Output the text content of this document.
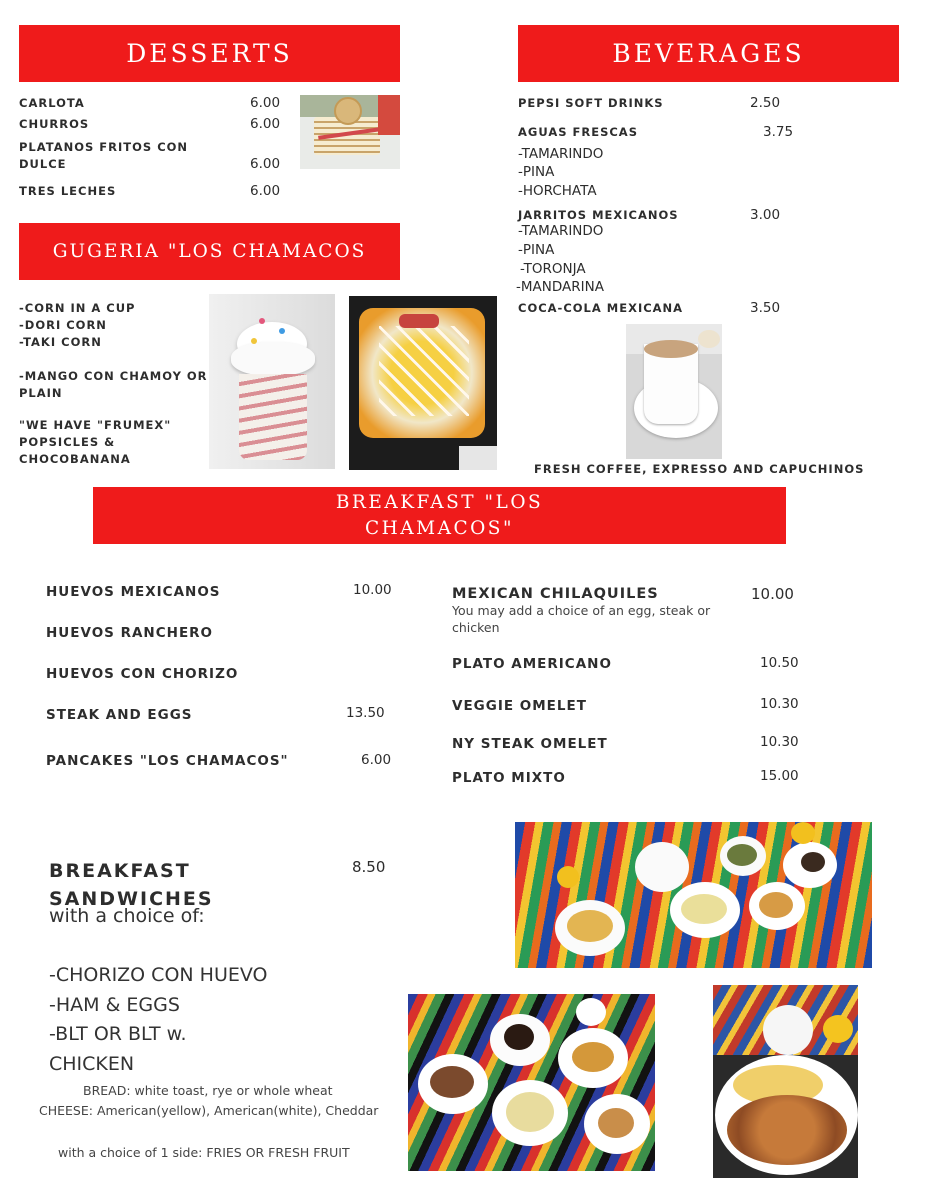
DESSERTS
CARLOTA	6.00
CHURROS	6.00
PLATANOS FRITOS CON
DULCE	6.00
TRES LECHES	6.00
GUGERIA "LOS CHAMACOS
-CORN IN A CUP
-DORI CORN
-TAKI CORN
-MANGO CON CHAMOY OR
PLAIN
"WE HAVE "FRUMEX"
POPSICLES &
CHOCOBANANA
BEVERAGES
PEPSI SOFT DRINKS	2.50
AGUAS FRESCAS	3.75
-TAMARINDO
-PINA
-HORCHATA
JARRITOS MEXICANOS	3.00
-TAMARINDO
-PINA
-TORONJA
-MANDARINA
COCA-COLA MEXICANA	3.50
FRESH COFFEE, EXPRESSO AND CAPUCHINOS
BREAKFAST "LOS
CHAMACOS"
HUEVOS MEXICANOS	10.00
HUEVOS RANCHERO
HUEVOS CON CHORIZO
STEAK AND EGGS	13.50
PANCAKES "LOS CHAMACOS"	6.00
MEXICAN CHILAQUILES	10.00
You may add a choice of an egg, steak or
chicken
PLATO AMERICANO	10.50
VEGGIE OMELET	10.30
NY STEAK OMELET	10.30
PLATO MIXTO	15.00
BREAKFAST
SANDWICHES
8.50
with a choice of:
-CHORIZO CON HUEVO
-HAM & EGGS
-BLT OR BLT w.
CHICKEN
BREAD: white toast, rye or whole wheat
CHEESE: American(yellow), American(white), Cheddar
with a choice of 1 side: FRIES OR FRESH FRUIT
